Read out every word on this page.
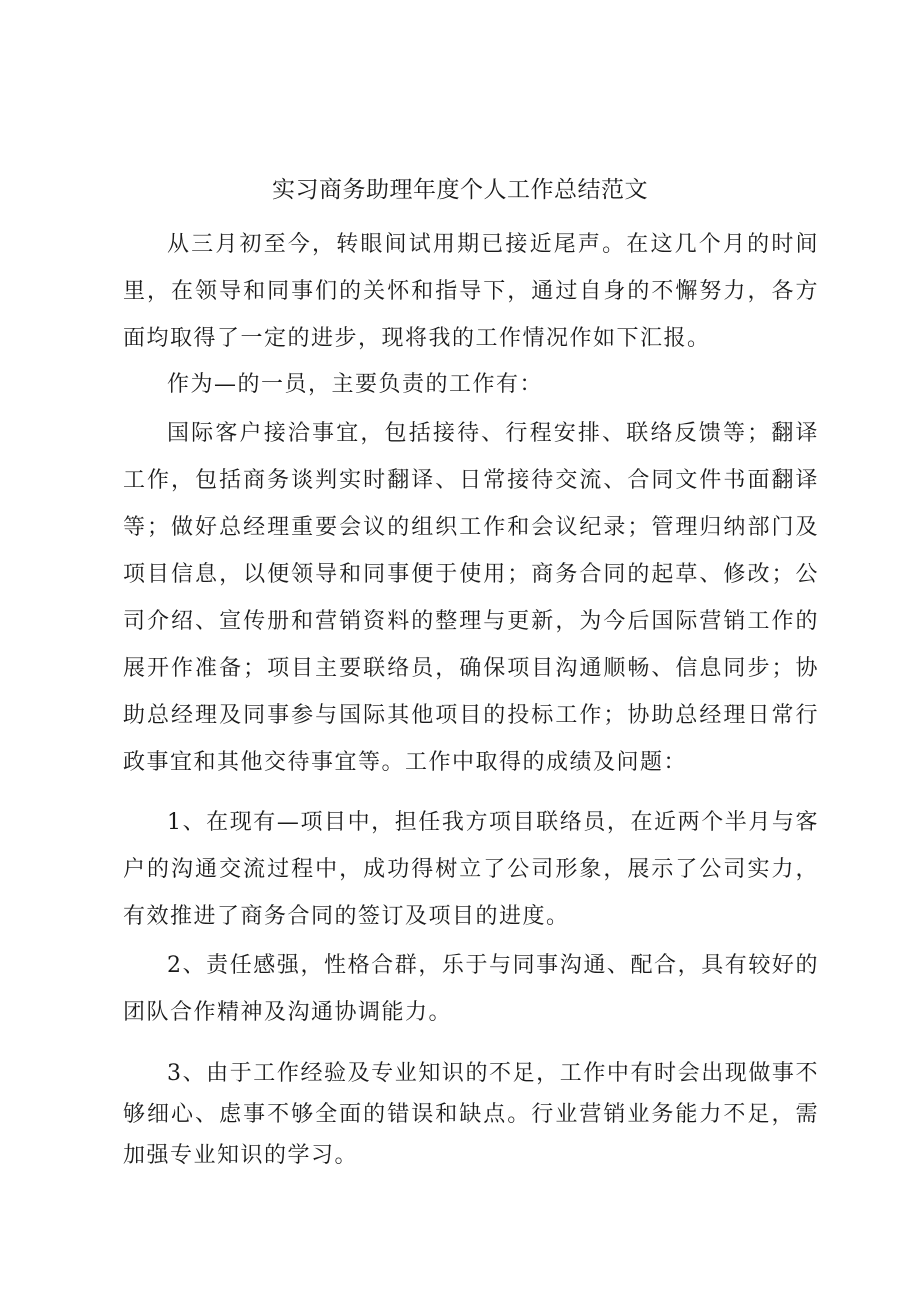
实习商务助理年度个人工作总结范文

从三月初至今，转眼间试用期已接近尾声。在这几个月的时间里，在领导和同事们的关怀和指导下，通过自身的不懈努力，各方面均取得了一定的进步，现将我的工作情况作如下汇报。

作为—的一员，主要负责的工作有：

国际客户接洽事宜，包括接待、行程安排、联络反馈等；翻译工作，包括商务谈判实时翻译、日常接待交流、合同文件书面翻译等；做好总经理重要会议的组织工作和会议纪录；管理归纳部门及项目信息，以便领导和同事便于使用；商务合同的起草、修改；公司介绍、宣传册和营销资料的整理与更新，为今后国际营销工作的展开作准备；项目主要联络员，确保项目沟通顺畅、信息同步；协助总经理及同事参与国际其他项目的投标工作；协助总经理日常行政事宜和其他交待事宜等。工作中取得的成绩及问题：

1、在现有—项目中，担任我方项目联络员，在近两个半月与客户的沟通交流过程中，成功得树立了公司形象，展示了公司实力，有效推进了商务合同的签订及项目的进度。

2、责任感强，性格合群，乐于与同事沟通、配合，具有较好的团队合作精神及沟通协调能力。

3、由于工作经验及专业知识的不足，工作中有时会出现做事不够细心、虑事不够全面的错误和缺点。行业营销业务能力不足，需加强专业知识的学习。
